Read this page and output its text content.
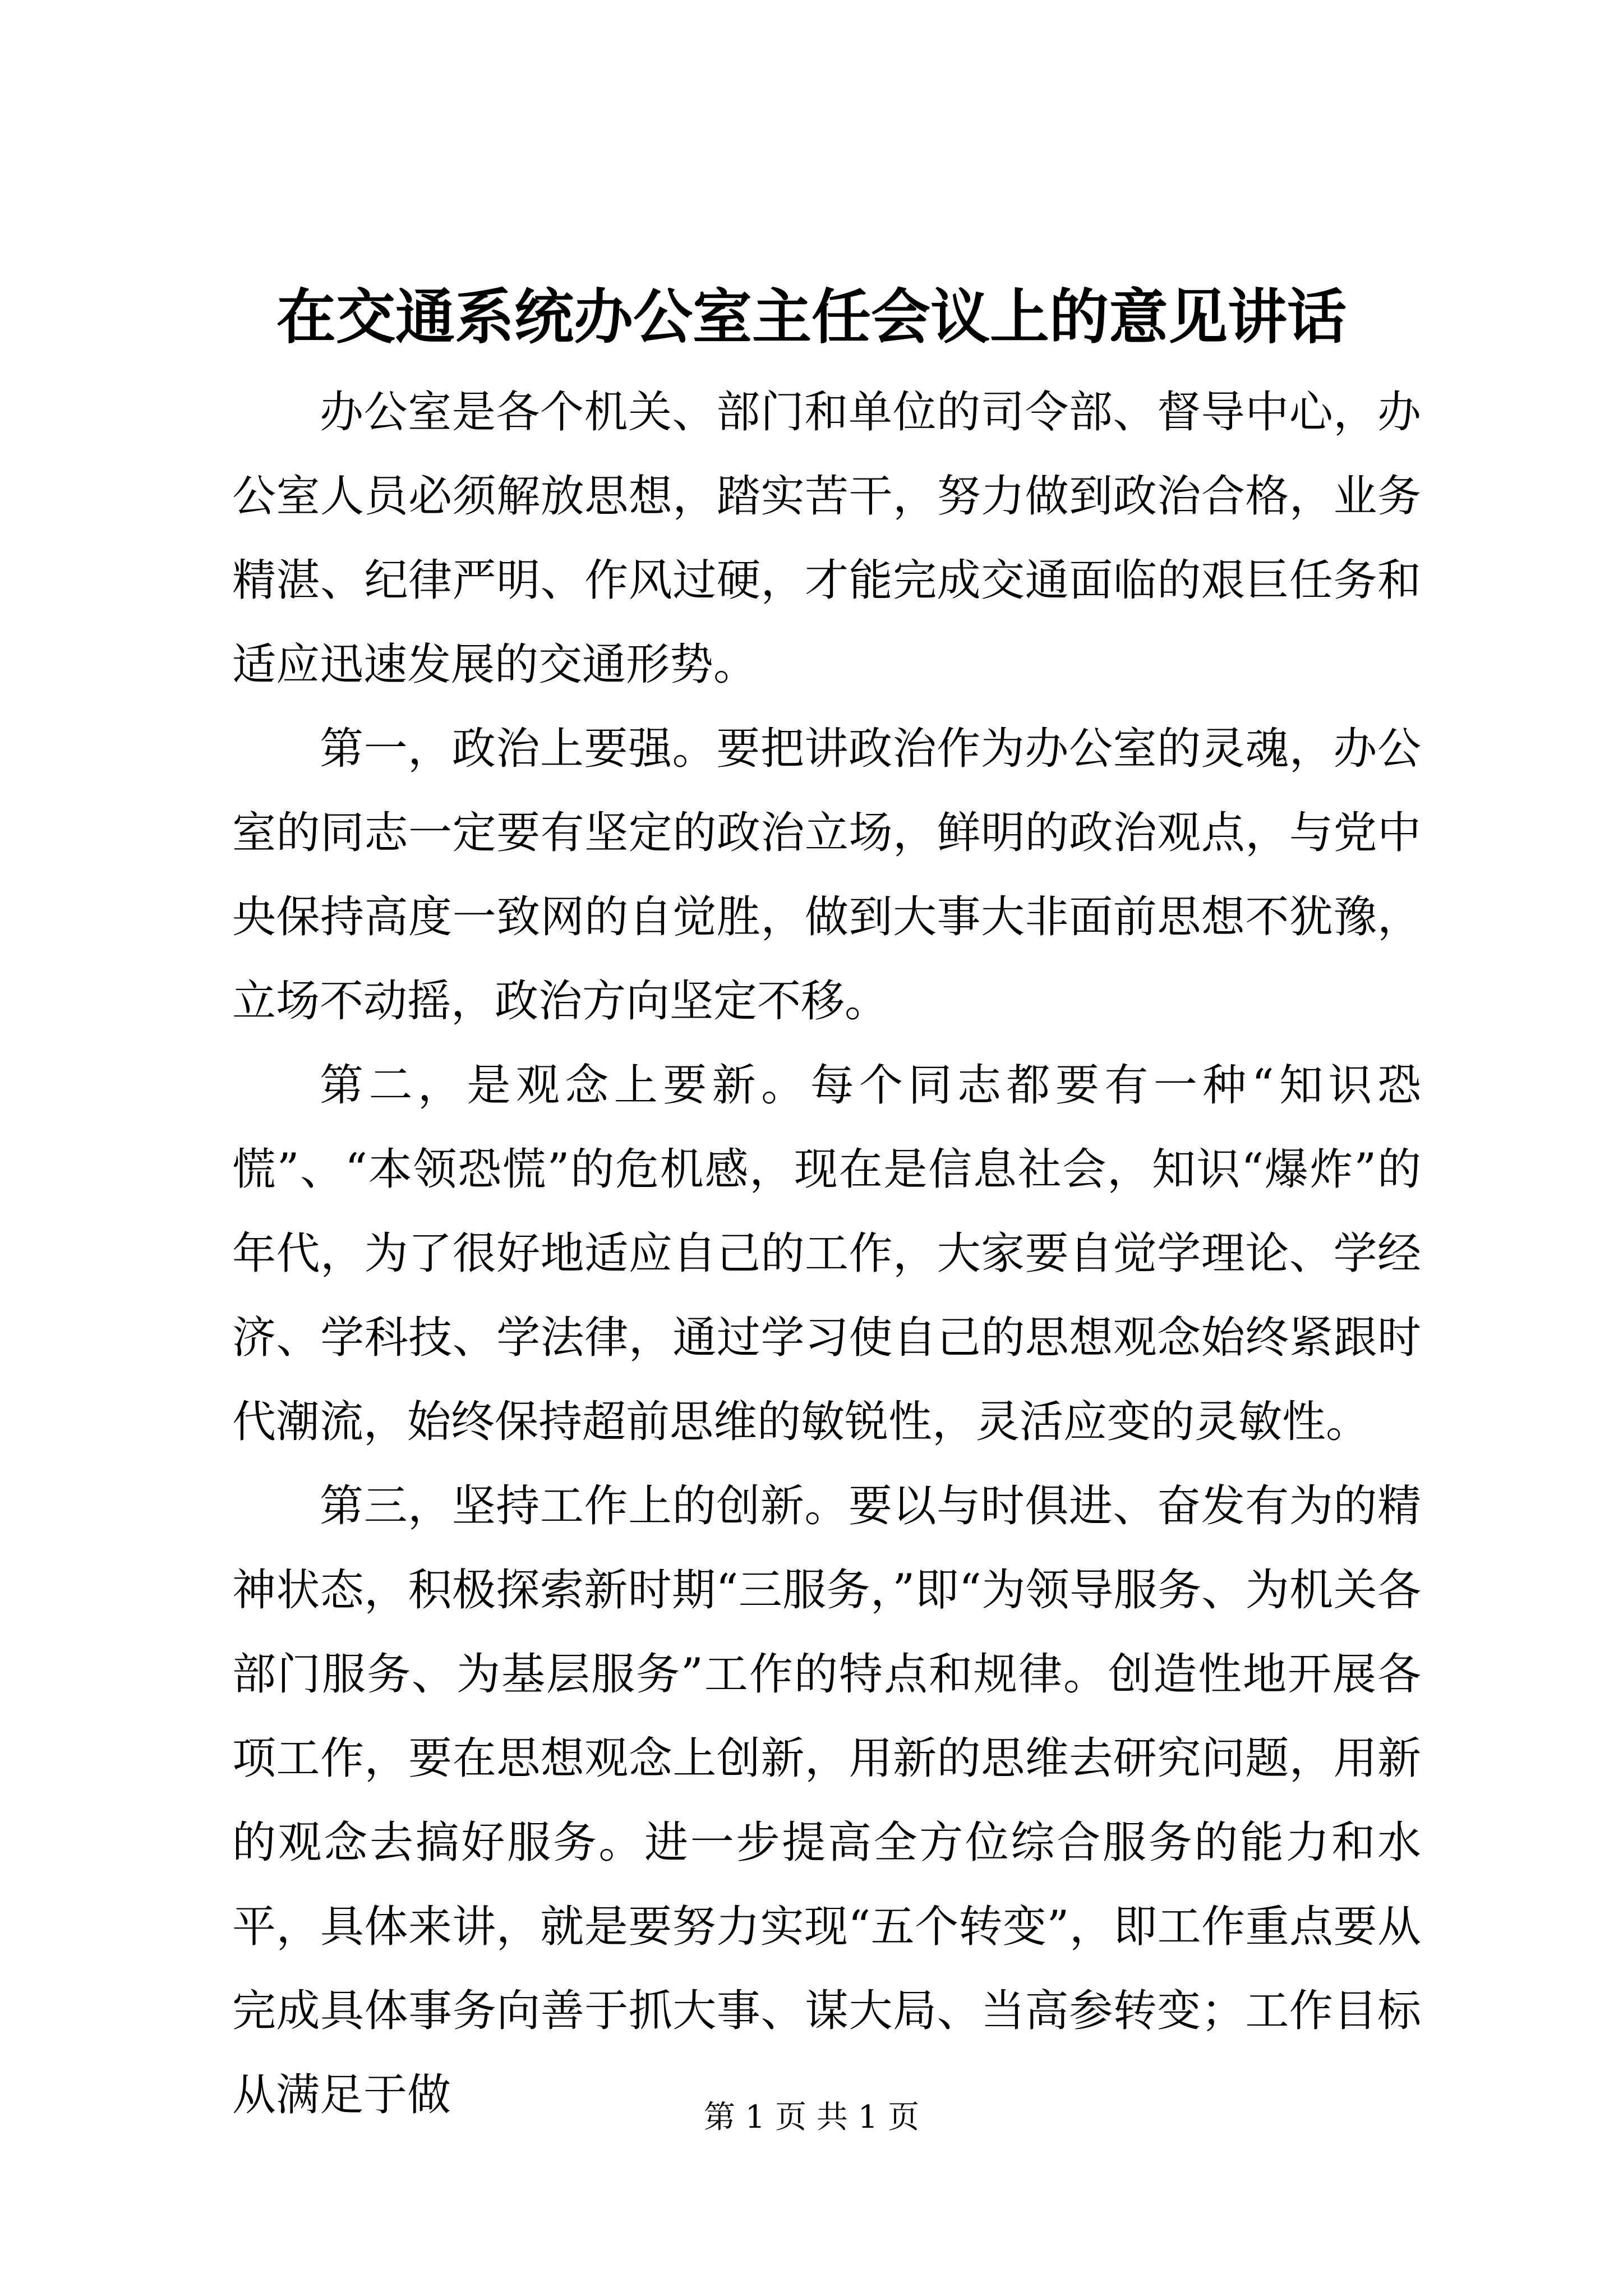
在交通系统办公室主任会议上的意见讲话

办公室是各个机关、部门和单位的司令部、督导中心，办公室人员必须解放思想，踏实苦干，努力做到政治合格，业务精湛、纪律严明、作风过硬，才能完成交通面临的艰巨任务和适应迅速发展的交通形势。

第一，政治上要强。要把讲政治作为办公室的灵魂，办公室的同志一定要有坚定的政治立场，鲜明的政治观点，与党中央保持高度一致网的自觉胜，做到大事大非面前思想不犹豫，立场不动摇，政治方向坚定不移。

第二，是观念上要新。每个同志都要有一种“知识恐慌”、“本领恐慌”的危机感，现在是信息社会，知识“爆炸”的年代，为了很好地适应自己的工作，大家要自觉学理论、学经济、学科技、学法律，通过学习使自己的思想观念始终紧跟时代潮流，始终保持超前思维的敏锐性，灵活应变的灵敏性。

第三，坚持工作上的创新。要以与时俱进、奋发有为的精神状态，积极探索新时期“三服务，”即“为领导服务、为机关各部门服务、为基层服务”工作的特点和规律。创造性地开展各项工作，要在思想观念上创新，用新的思维去研究问题，用新的观念去搞好服务。进一步提高全方位综合服务的能力和水平，具体来讲，就是要努力实现“五个转变”，即工作重点要从完成具体事务向善于抓大事、谋大局、当高参转变；工作目标从满足于做	第 1 页 共 1 页
